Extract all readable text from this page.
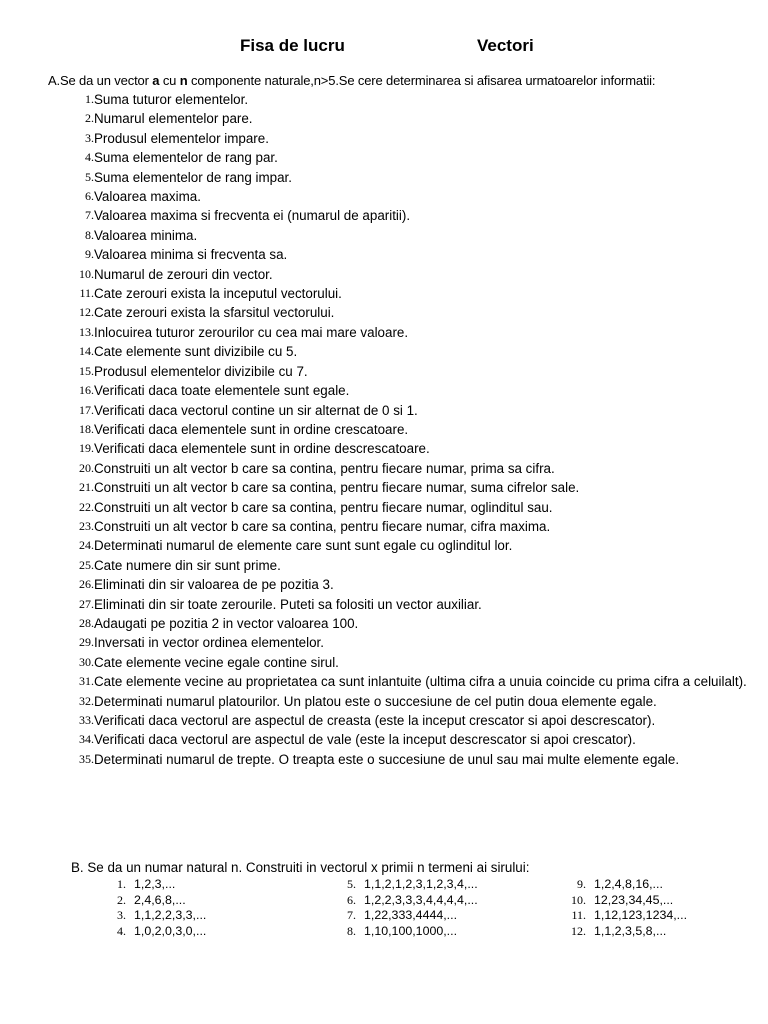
Fisa de lucru	Vectori
A.Se da un vector a cu n componente naturale,n>5.Se cere determinarea si afisarea urmatoarelor informatii:
1. Suma tuturor elementelor.
2. Numarul elementelor pare.
3. Produsul elementelor impare.
4. Suma elementelor de rang par.
5. Suma elementelor de rang impar.
6. Valoarea maxima.
7. Valoarea maxima si frecventa ei (numarul de aparitii).
8. Valoarea minima.
9. Valoarea minima si frecventa sa.
10. Numarul de zerouri din vector.
11. Cate zerouri exista la inceputul vectorului.
12. Cate zerouri exista la sfarsitul vectorului.
13. Inlocuirea tuturor zerourilor cu cea mai mare valoare.
14. Cate elemente sunt divizibile cu 5.
15. Produsul elementelor divizibile cu 7.
16. Verificati daca toate elementele sunt egale.
17. Verificati daca vectorul contine un sir alternat de 0 si 1.
18. Verificati daca elementele sunt in ordine crescatoare.
19. Verificati daca elementele sunt in ordine descrescatoare.
20. Construiti un alt vector b care sa contina, pentru fiecare numar, prima sa cifra.
21. Construiti un alt vector b care sa contina, pentru fiecare numar, suma cifrelor sale.
22. Construiti un alt vector b care sa contina, pentru fiecare numar, oglinditul sau.
23. Construiti un alt vector b care sa contina, pentru fiecare numar, cifra maxima.
24. Determinati numarul de elemente care sunt sunt egale cu oglinditul lor.
25. Cate numere din sir sunt prime.
26. Eliminati din sir valoarea de pe pozitia 3.
27. Eliminati din sir toate zerourile. Puteti sa folositi un vector auxiliar.
28. Adaugati pe pozitia 2 in vector valoarea 100.
29. Inversati in vector ordinea elementelor.
30. Cate elemente vecine egale contine sirul.
31. Cate elemente vecine au proprietatea ca sunt inlantuite (ultima cifra a unuia coincide cu prima cifra a celuilalt).
32. Determinati numarul platourilor. Un platou este o succesiune de cel putin doua elemente egale.
33. Verificati daca vectorul are aspectul de creasta (este la inceput crescator si apoi descrescator).
34. Verificati daca vectorul are aspectul de vale (este la inceput descrescator si apoi crescator).
35. Determinati numarul de trepte. O treapta este o succesiune de unul sau mai multe elemente egale.
B. Se da un numar natural n. Construiti in vectorul x primii n termeni ai sirului:
1. 1,2,3,...
2. 2,4,6,8,...
3. 1,1,2,2,3,3,...
4. 1,0,2,0,3,0,...
5. 1,1,2,1,2,3,1,2,3,4,...
6. 1,2,2,3,3,3,4,4,4,4,...
7. 1,22,333,4444,...
8. 1,10,100,1000,...
9. 1,2,4,8,16,...
10. 12,23,34,45,...
11. 1,12,123,1234,...
12. 1,1,2,3,5,8,...
